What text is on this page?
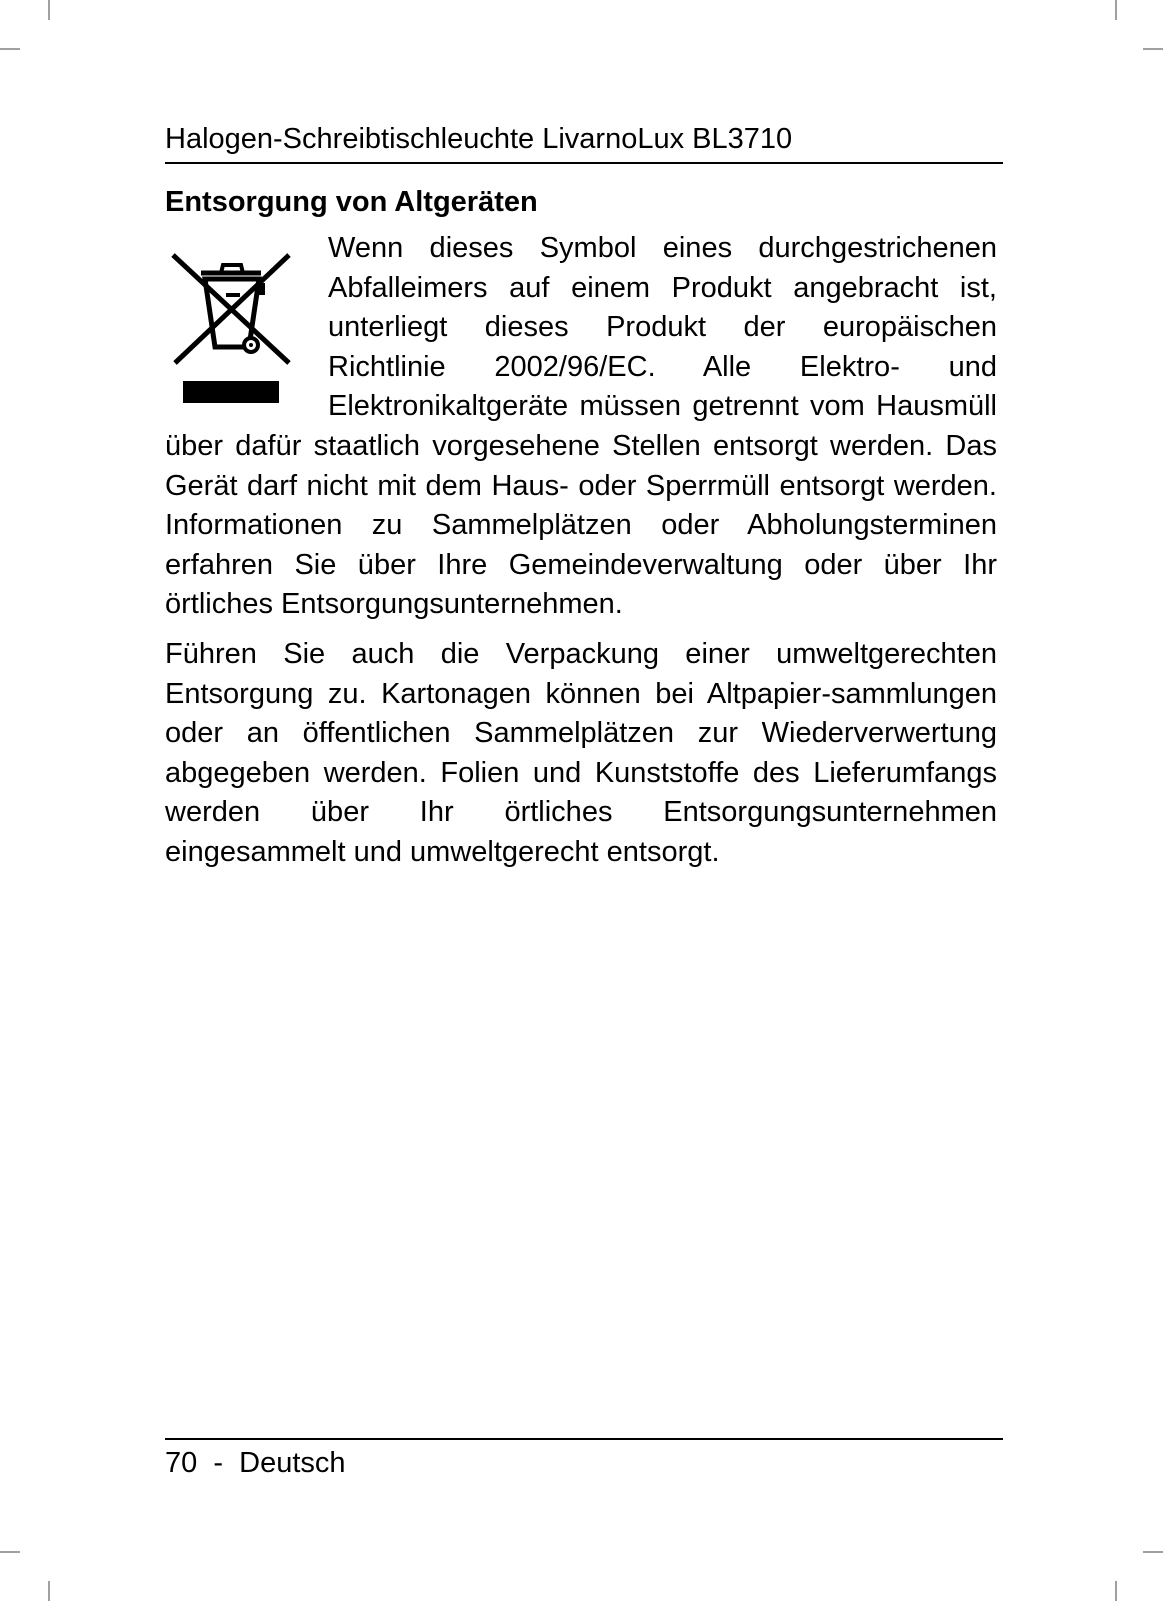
Halogen-Schreibtischleuchte LivarnoLux BL3710
Entsorgung von Altgeräten

Wenn dieses Symbol eines durchgestrichenen Abfalleimers auf einem Produkt angebracht ist, unterliegt dieses Produkt der europäischen Richtlinie 2002/96/EC. Alle Elektro- und Elektronikaltgeräte müssen getrennt vom Hausmüll über dafür staatlich vorgesehene Stellen entsorgt werden. Das Gerät darf nicht mit dem Haus- oder Sperrmüll entsorgt werden. Informationen zu Sammelplätzen oder Abholungsterminen erfahren Sie über Ihre Gemeindeverwaltung oder über Ihr örtliches Entsorgungsunternehmen.

Führen Sie auch die Verpackung einer umweltgerechten Entsorgung zu. Kartonagen können bei Altpapier-sammlungen oder an öffentlichen Sammelplätzen zur Wiederverwertung abgegeben werden. Folien und Kunststoffe des Lieferumfangs werden über Ihr örtliches Entsorgungsunternehmen eingesammelt und umweltgerecht entsorgt.

70  -  Deutsch
